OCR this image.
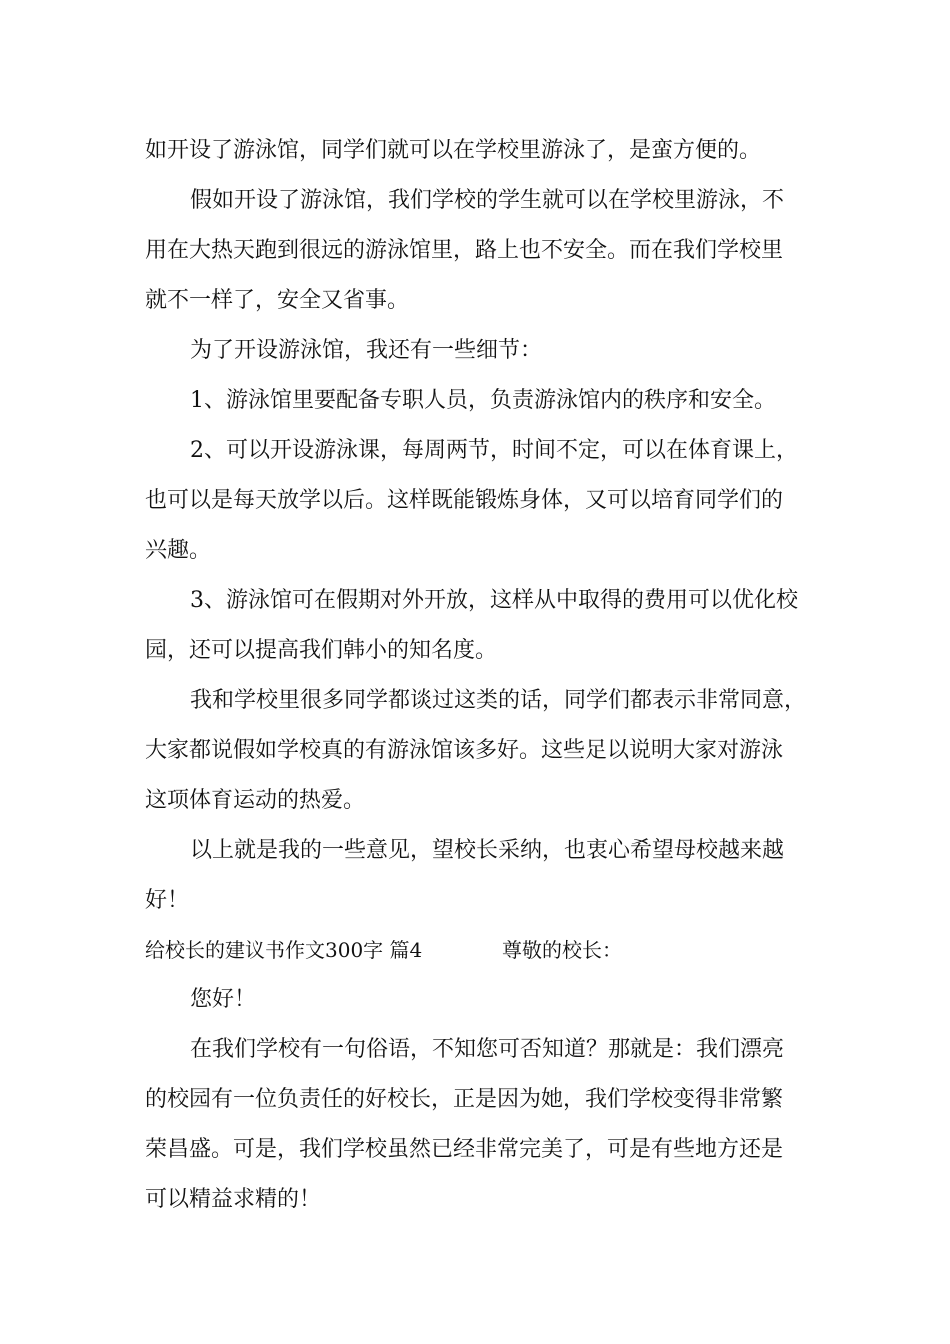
如开设了游泳馆，同学们就可以在学校里游泳了，是蛮方便的。
假如开设了游泳馆，我们学校的学生就可以在学校里游泳，不
用在大热天跑到很远的游泳馆里，路上也不安全。而在我们学校里
就不一样了，安全又省事。
为了开设游泳馆，我还有一些细节：
1、游泳馆里要配备专职人员，负责游泳馆内的秩序和安全。
2、可以开设游泳课，每周两节，时间不定，可以在体育课上，
也可以是每天放学以后。这样既能锻炼身体，又可以培育同学们的
兴趣。
3、游泳馆可在假期对外开放，这样从中取得的费用可以优化校
园，还可以提高我们韩小的知名度。
我和学校里很多同学都谈过这类的话，同学们都表示非常同意，
大家都说假如学校真的有游泳馆该多好。这些足以说明大家对游泳
这项体育运动的热爱。
以上就是我的一些意见，望校长采纳，也衷心希望母校越来越
好！
给校长的建议书作文300字 篇4	尊敬的校长：
您好！
在我们学校有一句俗语，不知您可否知道？那就是：我们漂亮
的校园有一位负责任的好校长，正是因为她，我们学校变得非常繁
荣昌盛。可是，我们学校虽然已经非常完美了，可是有些地方还是
可以精益求精的！
